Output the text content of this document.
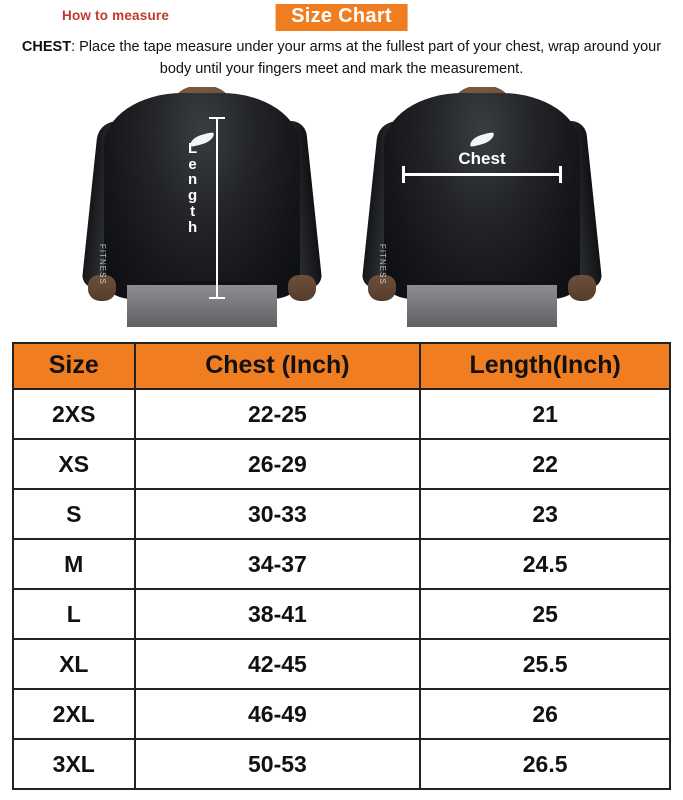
How to measure	Size Chart
CHEST: Place the tape measure under your arms at the fullest part of your chest, wrap around your body until your fingers meet and mark the measurement.
FITNESS
L
e
n
g
t
h
FITNESS
Chest
Size	Chest (Inch)	Length(Inch)
2XS	22-25	21
XS	26-29	22
S	30-33	23
M	34-37	24.5
L	38-41	25
XL	42-45	25.5
2XL	46-49	26
3XL	50-53	26.5
